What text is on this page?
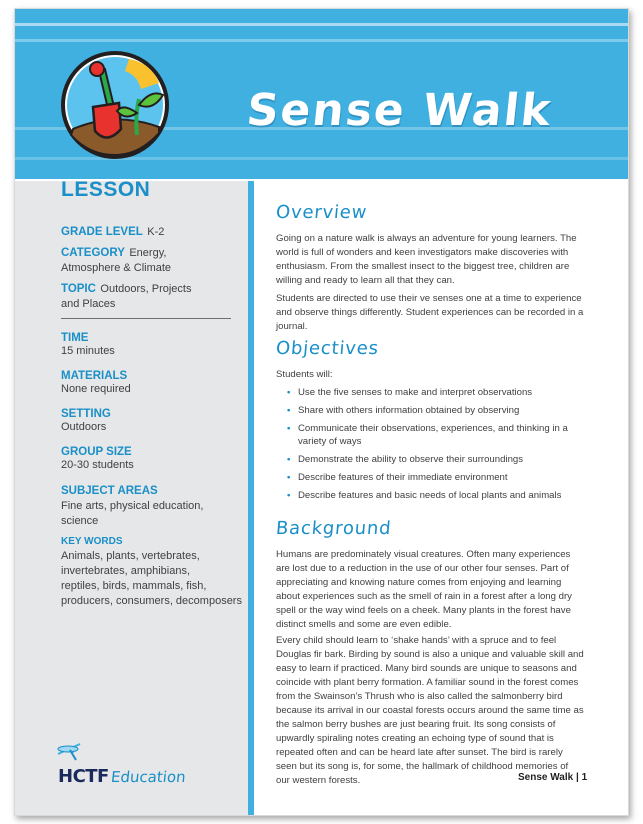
Sense Walk
LESSON
GRADE LEVEL K-2
CATEGORY Energy,
Atmosphere & Climate
TOPIC Outdoors, Projects
and Places
TIME
15 minutes
MATERIALS
None required
SETTING
Outdoors
GROUP SIZE
20-30 students
SUBJECT AREAS
Fine arts, physical education,
science
KEY WORDS
Animals, plants, vertebrates,
invertebrates, amphibians,
reptiles, birds, mammals, fish,
producers, consumers, decomposers
Overview

Going on a nature walk is always an adventure for young learners. The world is full of wonders and keen investigators make discoveries with enthusiasm. From the smallest insect to the biggest tree, children are willing and ready to learn all that they can.

Students are directed to use their ve senses one at a time to experience and observe things differently. Student experiences can be recorded in a journal.

Objectives

Students will:

• Use the five senses to make and interpret observations
• Share with others information obtained by observing
• Communicate their observations, experiences, and thinking in a variety of ways
• Demonstrate the ability to observe their surroundings
• Describe features of their immediate environment
• Describe features and basic needs of local plants and animals
Background

Humans are predominately visual creatures. Often many experiences are lost due to a reduction in the use of our other four senses. Part of appreciating and knowing nature comes from enjoying and learning about experiences such as the smell of rain in a forest after a long dry spell or the way wind feels on a cheek. Many plants in the forest have distinct smells and some are even edible.

Every child should learn to ‘shake hands’ with a spruce and to feel Douglas fir bark. Birding by sound is also a unique and valuable skill and easy to learn if practiced. Many bird sounds are unique to seasons and coincide with plant berry formation. A familiar sound in the forest comes from the Swainson’s Thrush who is also called the salmonberry bird because its arrival in our coastal forests occurs around the same time as the salmon berry bushes are just bearing fruit. Its song consists of upwardly spiraling notes creating an echoing type of sound that is repeated often and can be heard late after sunset. The bird is rarely seen but its song is, for some, the hallmark of childhood memories of our western forests.

HCTF Education	Sense Walk | 1
